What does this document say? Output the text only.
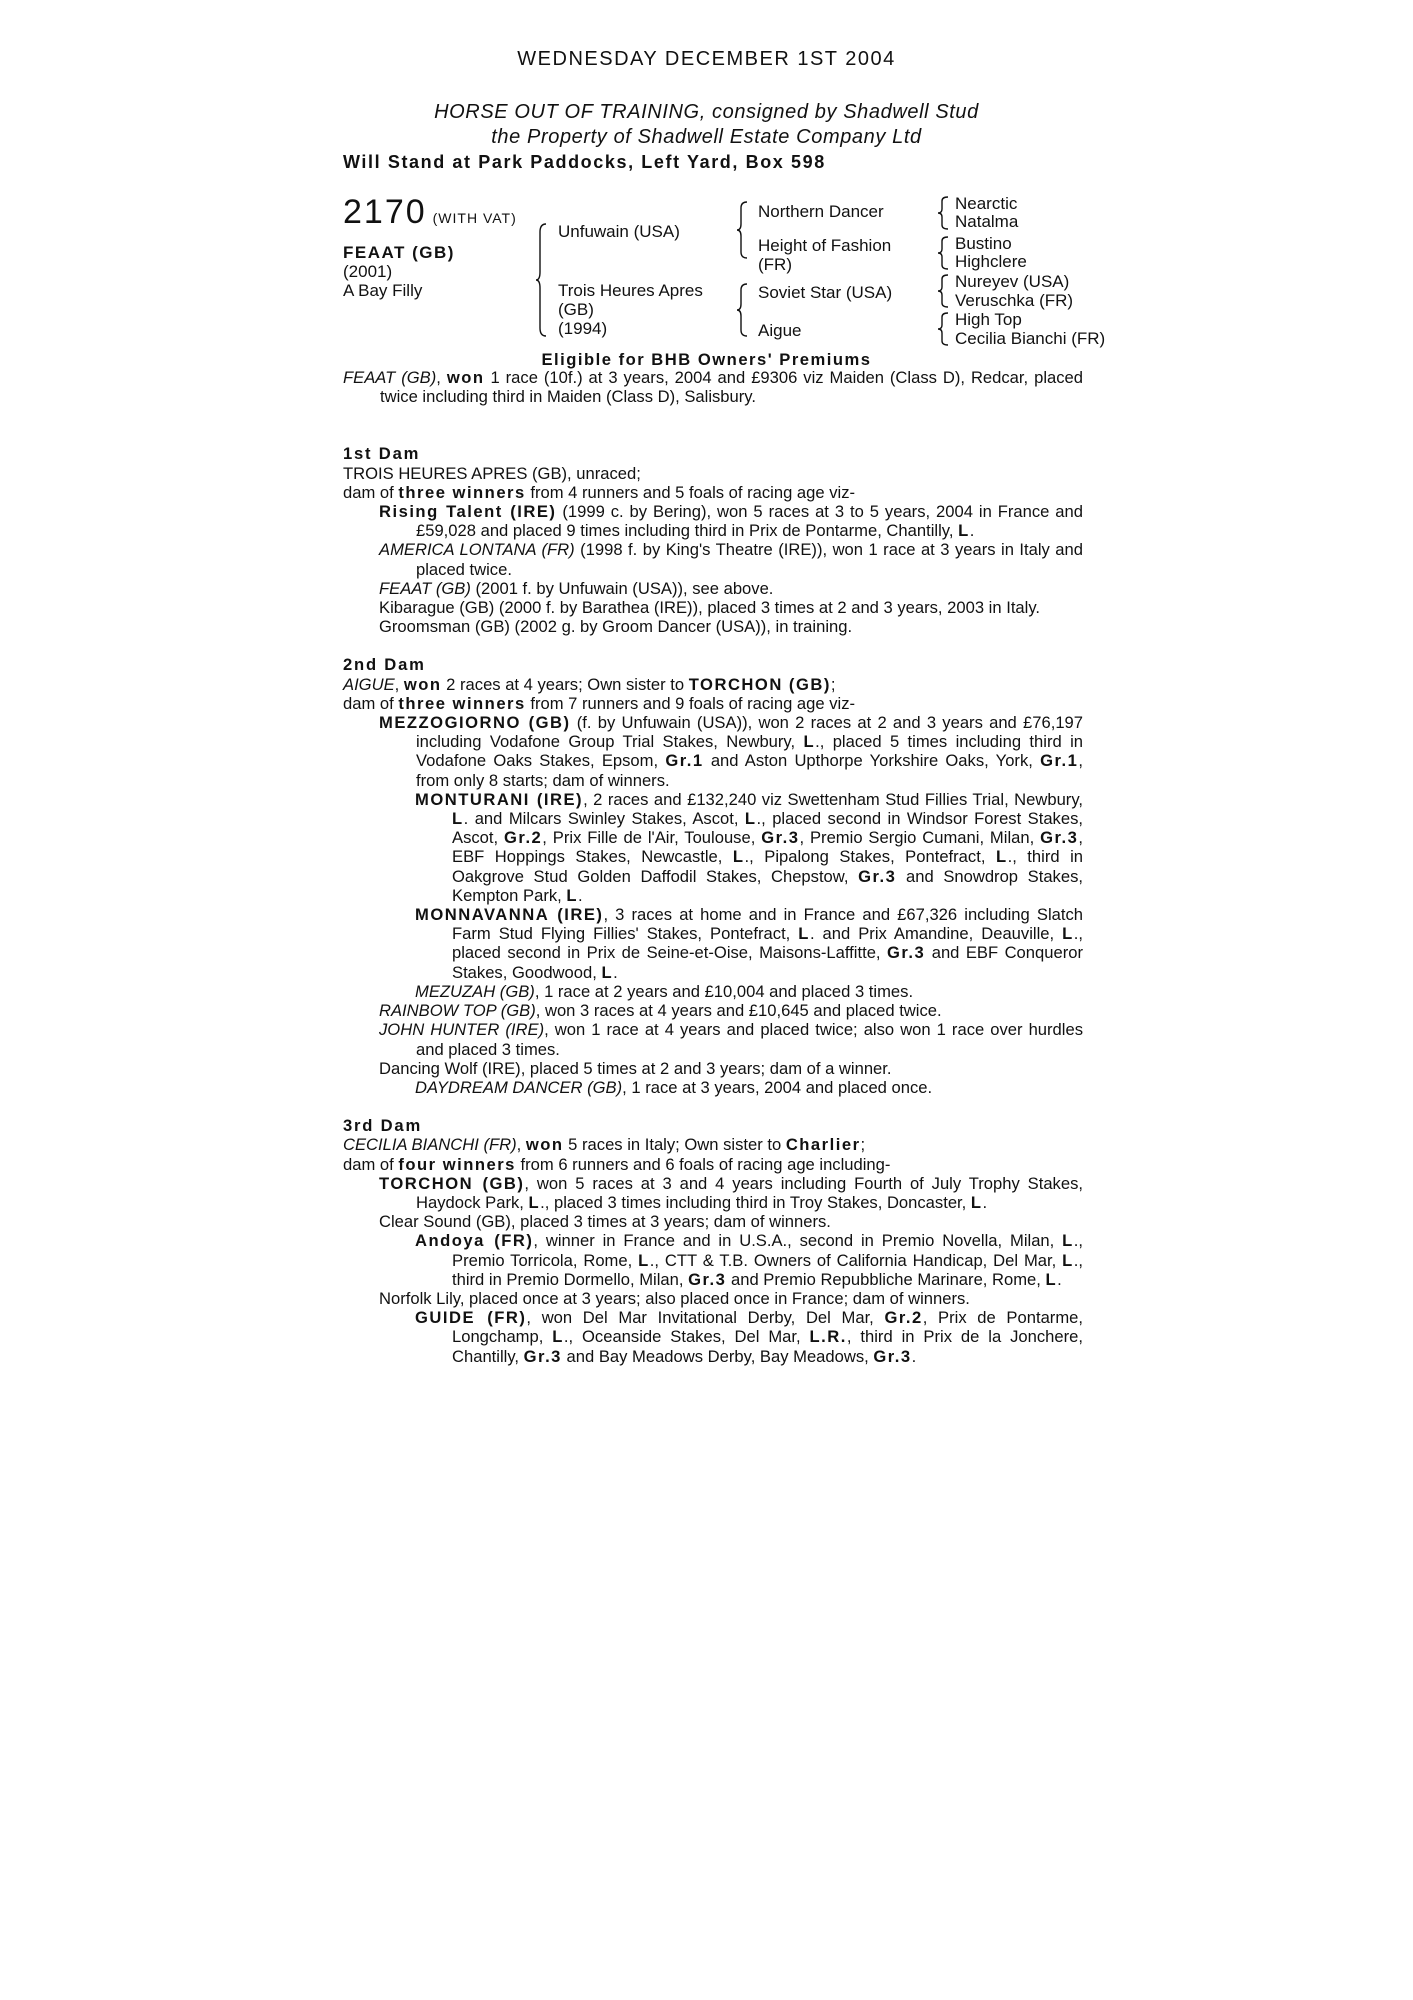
WEDNESDAY DECEMBER 1ST 2004
HORSE OUT OF TRAINING, consigned by Shadwell Stud
the Property of Shadwell Estate Company Ltd
Will Stand at Park Paddocks, Left Yard, Box 598
2170 (WITH VAT)
FEAAT (GB)
(2001)
A Bay Filly
Unfuwain (USA)
Trois Heures Apres
(GB)
(1994)
Northern Dancer
Height of Fashion
(FR)
Soviet Star (USA)
Aigue
Nearctic
Natalma
Bustino
Highclere
Nureyev (USA)
Veruschka (FR)
High Top
Cecilia Bianchi (FR)
Eligible for BHB Owners' Premiums

FEAAT (GB), won 1 race (10f.) at 3 years, 2004 and £9306 viz Maiden (Class D), Redcar, placed twice including third in Maiden (Class D), Salisbury.

1st Dam

TROIS HEURES APRES (GB), unraced;

dam of three winners from 4 runners and 5 foals of racing age viz-

Rising Talent (IRE) (1999 c. by Bering), won 5 races at 3 to 5 years, 2004 in France and £59,028 and placed 9 times including third in Prix de Pontarme, Chantilly, L.

AMERICA LONTANA (FR) (1998 f. by King's Theatre (IRE)), won 1 race at 3 years in Italy and placed twice.

FEAAT (GB) (2001 f. by Unfuwain (USA)), see above.

Kibarague (GB) (2000 f. by Barathea (IRE)), placed 3 times at 2 and 3 years, 2003 in Italy.

Groomsman (GB) (2002 g. by Groom Dancer (USA)), in training.

2nd Dam

AIGUE, won 2 races at 4 years; Own sister to TORCHON (GB);

dam of three winners from 7 runners and 9 foals of racing age viz-

MEZZOGIORNO (GB) (f. by Unfuwain (USA)), won 2 races at 2 and 3 years and £76,197 including Vodafone Group Trial Stakes, Newbury, L., placed 5 times including third in Vodafone Oaks Stakes, Epsom, Gr.1 and Aston Upthorpe Yorkshire Oaks, York, Gr.1, from only 8 starts; dam of winners.

MONTURANI (IRE), 2 races and £132,240 viz Swettenham Stud Fillies Trial, Newbury, L. and Milcars Swinley Stakes, Ascot, L., placed second in Windsor Forest Stakes, Ascot, Gr.2, Prix Fille de l'Air, Toulouse, Gr.3, Premio Sergio Cumani, Milan, Gr.3, EBF Hoppings Stakes, Newcastle, L., Pipalong Stakes, Pontefract, L., third in Oakgrove Stud Golden Daffodil Stakes, Chepstow, Gr.3 and Snowdrop Stakes, Kempton Park, L.

MONNAVANNA (IRE), 3 races at home and in France and £67,326 including Slatch Farm Stud Flying Fillies' Stakes, Pontefract, L. and Prix Amandine, Deauville, L., placed second in Prix de Seine-et-Oise, Maisons-Laffitte, Gr.3 and EBF Conqueror Stakes, Goodwood, L.

MEZUZAH (GB), 1 race at 2 years and £10,004 and placed 3 times.

RAINBOW TOP (GB), won 3 races at 4 years and £10,645 and placed twice.

JOHN HUNTER (IRE), won 1 race at 4 years and placed twice; also won 1 race over hurdles and placed 3 times.

Dancing Wolf (IRE), placed 5 times at 2 and 3 years; dam of a winner.

DAYDREAM DANCER (GB), 1 race at 3 years, 2004 and placed once.

3rd Dam

CECILIA BIANCHI (FR), won 5 races in Italy; Own sister to Charlier;

dam of four winners from 6 runners and 6 foals of racing age including-

TORCHON (GB), won 5 races at 3 and 4 years including Fourth of July Trophy Stakes, Haydock Park, L., placed 3 times including third in Troy Stakes, Doncaster, L.

Clear Sound (GB), placed 3 times at 3 years; dam of winners.

Andoya (FR), winner in France and in U.S.A., second in Premio Novella, Milan, L., Premio Torricola, Rome, L., CTT & T.B. Owners of California Handicap, Del Mar, L., third in Premio Dormello, Milan, Gr.3 and Premio Repubbliche Marinare, Rome, L.

Norfolk Lily, placed once at 3 years; also placed once in France; dam of winners.

GUIDE (FR), won Del Mar Invitational Derby, Del Mar, Gr.2, Prix de Pontarme, Longchamp, L., Oceanside Stakes, Del Mar, L.R., third in Prix de la Jonchere, Chantilly, Gr.3 and Bay Meadows Derby, Bay Meadows, Gr.3.
